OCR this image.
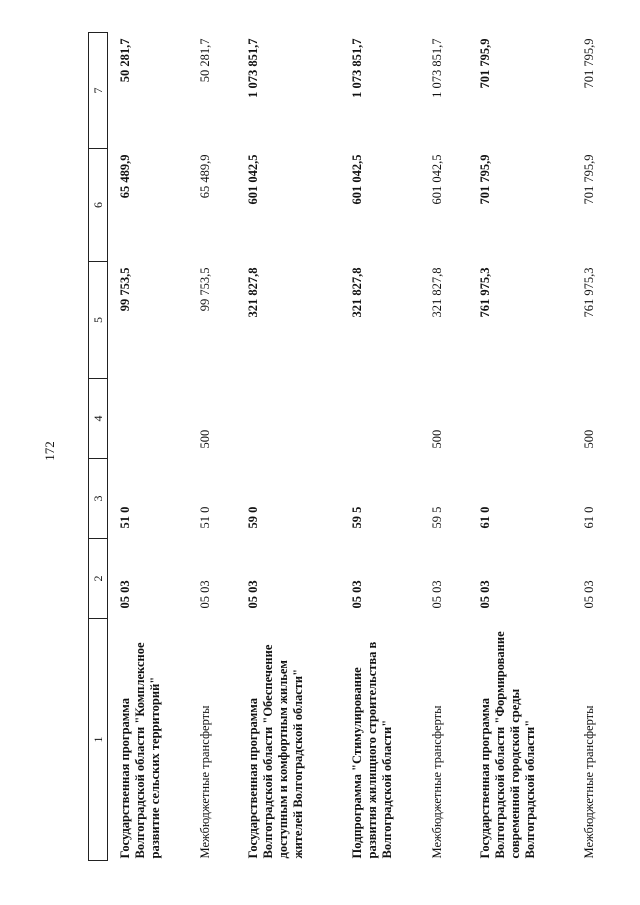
172
1	2	3	4	5	6	7
Государственная программа Волгоградской области "Комплексное развитие сельских территорий"	05 03	51 0		99 753,5	65 489,9	50 281,7
Межбюджетные трансферты	05 03	51 0	500	99 753,5	65 489,9	50 281,7
Государственная программа Волгоградской области "Обеспечение доступным и комфортным жильем жителей Волгоградской области"	05 03	59 0		321 827,8	601 042,5	1 073 851,7
Подпрограмма "Стимулирование развития жилищного строительства в Волгоградской области"	05 03	59 5		321 827,8	601 042,5	1 073 851,7
Межбюджетные трансферты	05 03	59 5	500	321 827,8	601 042,5	1 073 851,7
Государственная программа Волгоградской области "Формирование современной городской среды Волгоградской области"	05 03	61 0		761 975,3	701 795,9	701 795,9
Межбюджетные трансферты	05 03	61 0	500	761 975,3	701 795,9	701 795,9
